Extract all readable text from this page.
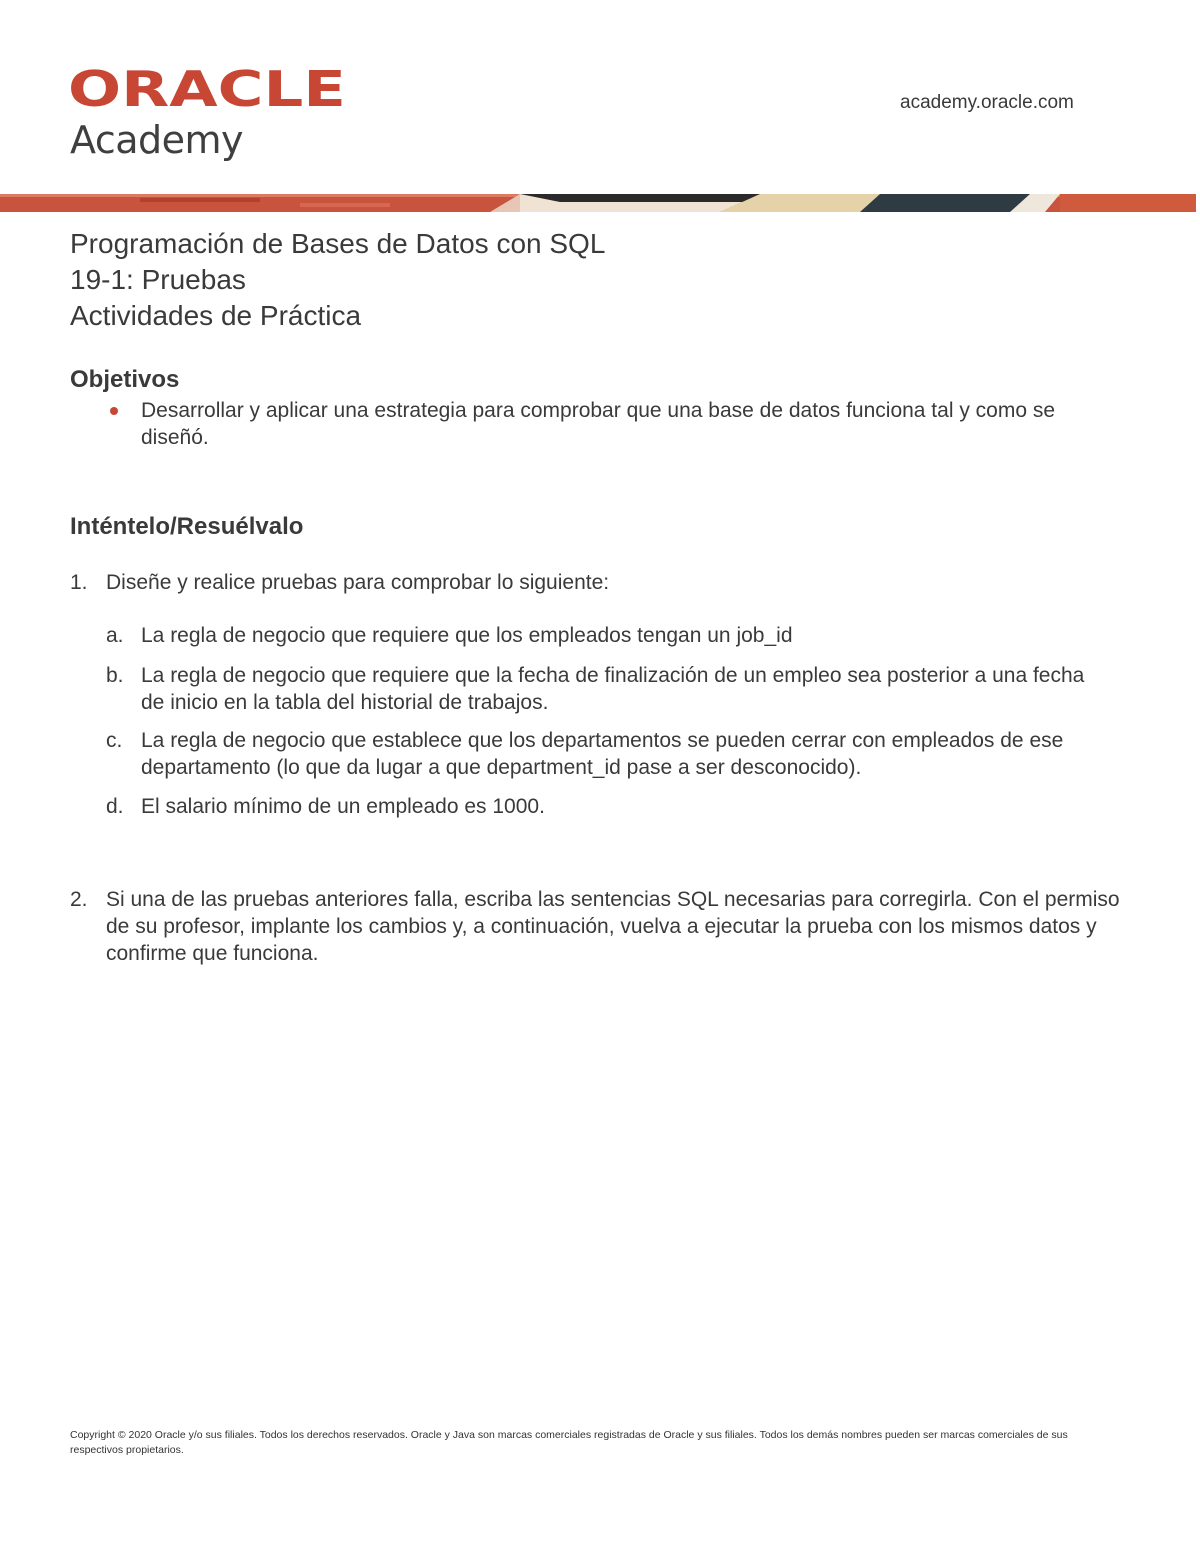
ORACLE
Academy
academy.oracle.com
Programación de Bases de Datos con SQL
19-1: Pruebas
Actividades de Práctica
Objetivos
Desarrollar y aplicar una estrategia para comprobar que una base de datos funciona tal y como se diseñó.
Inténtelo/Resuélvalo
1. Diseñe y realice pruebas para comprobar lo siguiente:
a. La regla de negocio que requiere que los empleados tengan un job_id
b. La regla de negocio que requiere que la fecha de finalización de un empleo sea posterior a una fecha de inicio en la tabla del historial de trabajos.
c. La regla de negocio que establece que los departamentos se pueden cerrar con empleados de ese departamento (lo que da lugar a que department_id pase a ser desconocido).
d. El salario mínimo de un empleado es 1000.
2. Si una de las pruebas anteriores falla, escriba las sentencias SQL necesarias para corregirla. Con el permiso de su profesor, implante los cambios y, a continuación, vuelva a ejecutar la prueba con los mismos datos y confirme que funciona.
Copyright © 2020 Oracle y/o sus filiales. Todos los derechos reservados. Oracle y Java son marcas comerciales registradas de Oracle y sus filiales. Todos los demás nombres pueden ser marcas comerciales de sus respectivos propietarios.
